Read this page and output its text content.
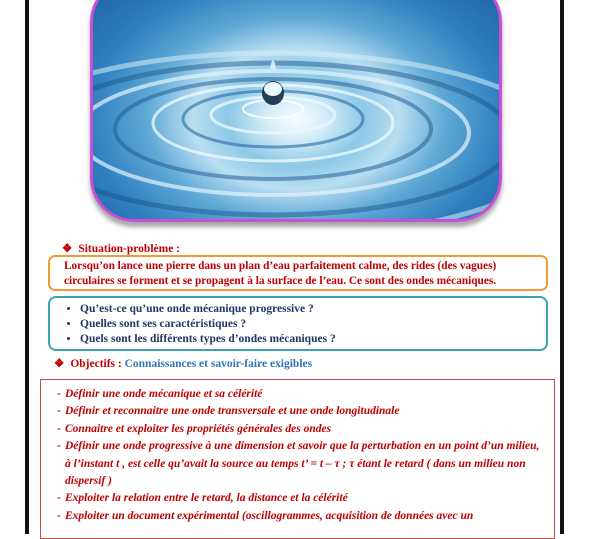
❖ Situation-problème :
Lorsqu’on lance une pierre dans un plan d’eau parfaitement calme, des rides (des vagues) circulaires se forment et se propagent à la surface de l’eau. Ce sont des ondes mécaniques.
• Qu’est-ce qu’une onde mécanique progressive ?
• Quelles sont ses caractéristiques ?
• Quels sont les différents types d’ondes mécaniques ?
❖ Objectifs : Connaissances et savoir-faire exigibles
- Définir une onde mécanique et sa célérité
- Définir et reconnaitre une onde transversale et une onde longitudinale
- Connaitre et exploiter les propriétés générales des ondes
- Définir une onde progressive à une dimension et savoir que la perturbation en un point d’un milieu, à l’instant t , est celle qu’avait la source au temps t’ = t – τ ; τ étant le retard ( dans un milieu non dispersif )
- Exploiter la relation entre le retard, la distance et la célérité
- Exploiter un document expérimental (oscillogrammes, acquisition de données avec un
